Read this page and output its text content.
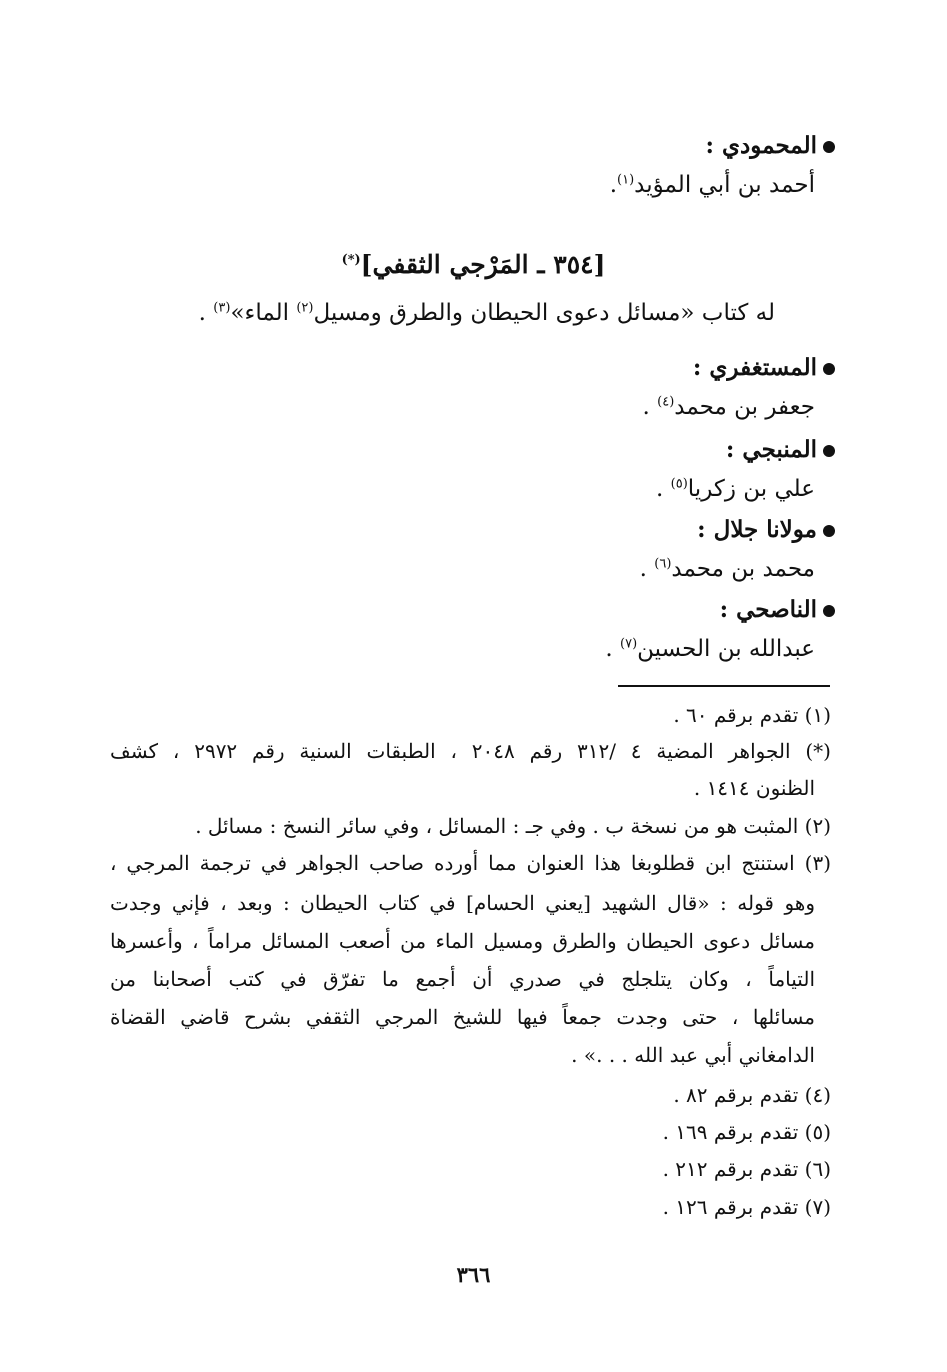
المحمودي :
أحمد بن أبي المؤيد$^{(١)}$.
[٣٥٤ ـ المَرْجي الثقفي](*)
له كتاب «مسائل دعوى الحيطان والطرق ومسيل$^{(٢)}$ الماء»$^{(٣)}$ .
المستغفري :
جعفر بن محمد$^{(٤)}$ .
المنبجي :
علي بن زكريا$^{(٥)}$ .
مولانا جلال :
محمد بن محمد$^{(٦)}$ .
الناصحي :
عبدالله بن الحسين$^{(٧)}$ .
(١) تقدم برقم ٦٠ .
(*) الجواهر المضية ٤ /٣١٢ رقم ٢٠٤٨ ، الطبقات السنية رقم ٢٩٧٢ ، كشف
الظنون ١٤١٤ .
(٢) المثبت هو من نسخة ب . وفي جـ : المسائل ، وفي سائر النسخ : مسائل .
(٣) استنتج ابن قطلوبغا هذا العنوان مما أورده صاحب الجواهر في ترجمة المرجي ،
وهو قوله : «قال الشهيد [يعني الحسام] في كتاب الحيطان : وبعد ، فإني وجدت
مسائل دعوى الحيطان والطرق ومسيل الماء من أصعب المسائل مراماً ، وأعسرها
التياماً ، وكان يتلجلج في صدري أن أجمع ما تفرّق في كتب أصحابنا من
مسائلها ، حتى وجدت جمعاً فيها للشيخ المرجي الثقفي بشرح قاضي القضاة
الدامغاني أبي عبد الله . . .» .
(٤) تقدم برقم ٨٢ .
(٥) تقدم برقم ١٦٩ .
(٦) تقدم برقم ٢١٢ .
(٧) تقدم برقم ١٢٦ .
٣٦٦
